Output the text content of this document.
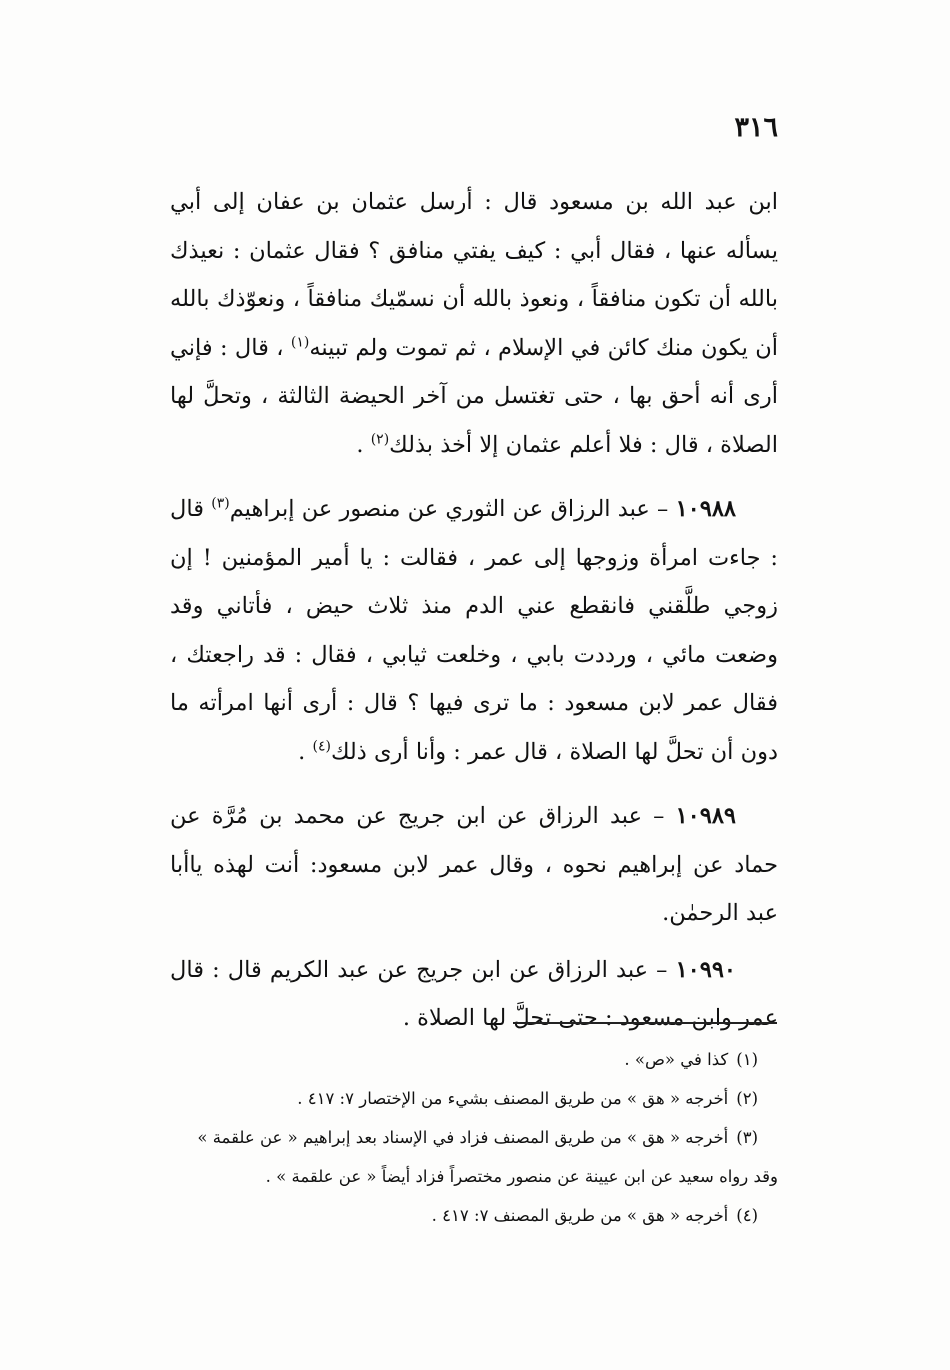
٣١٦

ابن عبد الله بن مسعود قال : أرسل عثمان بن عفان إلى أبي يسأله عنها ، فقال أبي : كيف يفتي منافق ؟ فقال عثمان : نعيذك بالله أن تكون منافقاً ، ونعوذ بالله أن نسمّيك منافقاً ، ونعوّذك بالله أن يكون منك كائن في الإسلام ، ثم تموت ولم تبينه$^{(١)}$ ، قال : فإني أرى أنه أحق بها ، حتى تغتسل من آخر الحيضة الثالثة ، وتحلَّ لها الصلاة ، قال : فلا أعلم عثمان إلا أخذ بذلك$^{(٢)}$ .

١٠٩٨٨ – عبد الرزاق عن الثوري عن منصور عن إبراهيم$^{(٣)}$ قال : جاءت امرأة وزوجها إلى عمر ، فقالت : يا أمير المؤمنين ! إن زوجي طلَّقني فانقطع عني الدم منذ ثلاث حيض ، فأتاني وقد وضعت مائي ، ورددت بابي ، وخلعت ثيابي ، فقال : قد راجعتك ، فقال عمر لابن مسعود : ما ترى فيها ؟ قال : أرى أنها امرأته ما دون أن تحلَّ لها الصلاة ، قال عمر : وأنا أرى ذلك$^{(٤)}$ .

١٠٩٨٩ – عبد الرزاق عن ابن جريج عن محمد بن مُرَّة عن حماد عن إبراهيم نحوه ، وقال عمر لابن مسعود: أنت لهذه ياأبا عبد الرحمٰن.

١٠٩٩٠ – عبد الرزاق عن ابن جريج عن عبد الكريم قال : قال عمر وابن مسعود : حتى تحلَّ لها الصلاة .

(١)كذا في «ص» .

(٢)أخرجه « هق » من طريق المصنف بشيء من الإختصار ٧: ٤١٧ .

(٣)أخرجه « هق » من طريق المصنف فزاد في الإسناد بعد إبراهيم « عن علقمة »

وقد رواه سعيد عن ابن عيينة عن منصور مختصراً فزاد أيضاً « عن علقمة » .

(٤)أخرجه « هق » من طريق المصنف ٧: ٤١٧ .
